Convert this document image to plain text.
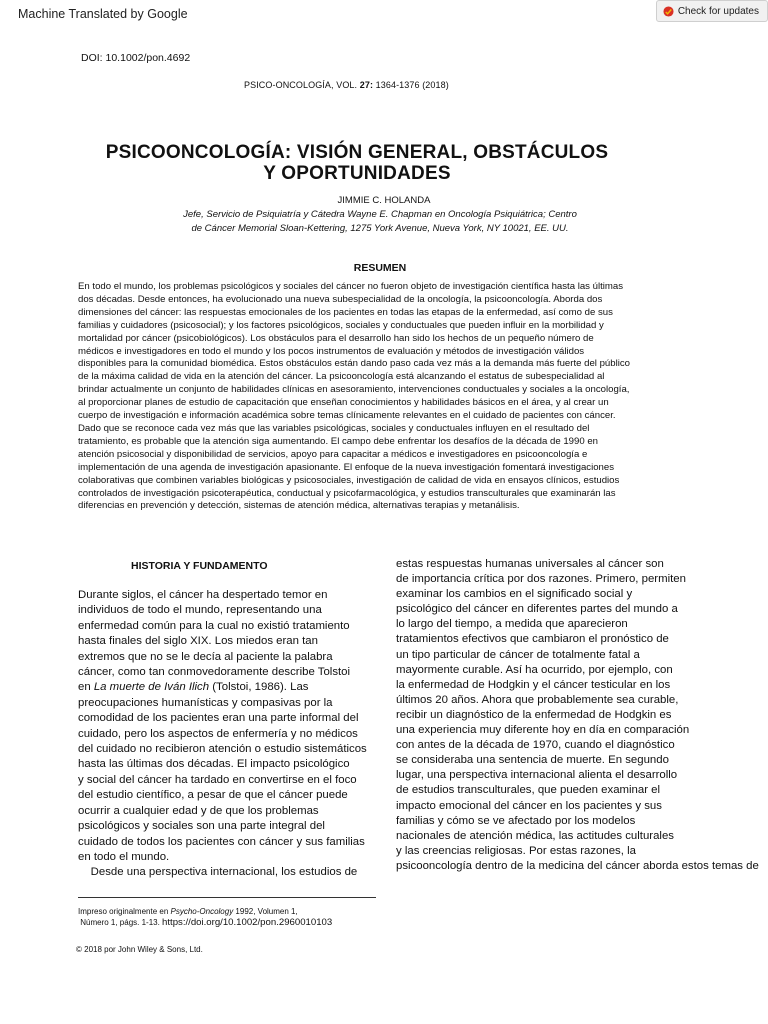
Machine Translated by Google	Check for updates
DOI: 10.1002/pon.4692
PSICO-ONCOLOGÍA, VOL. 27: 1364-1376 (2018)
PSICOONCOLOGÍA: VISIÓN GENERAL, OBSTÁCULOS
Y OPORTUNIDADES
JIMMIE C. HOLANDA
Jefe, Servicio de Psiquiatría y Cátedra Wayne E. Chapman en Oncología Psiquiátrica; Centro
de Cáncer Memorial Sloan-Kettering, 1275 York Avenue, Nueva York, NY 10021, EE. UU.
RESUMEN
En todo el mundo, los problemas psicológicos y sociales del cáncer no fueron objeto de investigación científica hasta las últimas
dos décadas. Desde entonces, ha evolucionado una nueva subespecialidad de la oncología, la psicooncología. Aborda dos
dimensiones del cáncer: las respuestas emocionales de los pacientes en todas las etapas de la enfermedad, así como de sus
familias y cuidadores (psicosocial); y los factores psicológicos, sociales y conductuales que pueden influir en la morbilidad y
mortalidad por cáncer (psicobiológicos). Los obstáculos para el desarrollo han sido los hechos de un pequeño número de
médicos e investigadores en todo el mundo y los pocos instrumentos de evaluación y métodos de investigación válidos
disponibles para la comunidad biomédica. Estos obstáculos están dando paso cada vez más a la demanda más fuerte del público
de la máxima calidad de vida en la atención del cáncer. La psicooncología está alcanzando el estatus de subespecialidad al
brindar actualmente un conjunto de habilidades clínicas en asesoramiento, intervenciones conductuales y sociales a la oncología,
al proporcionar planes de estudio de capacitación que enseñan conocimientos y habilidades básicos en el área, y al crear un
cuerpo de investigación e información académica sobre temas clínicamente relevantes en el cuidado de pacientes con cáncer.
Dado que se reconoce cada vez más que las variables psicológicas, sociales y conductuales influyen en el resultado del
tratamiento, es probable que la atención siga aumentando. El campo debe enfrentar los desafíos de la década de 1990 en
atención psicosocial y disponibilidad de servicios, apoyo para capacitar a médicos e investigadores en psicooncología e
implementación de una agenda de investigación apasionante. El enfoque de la nueva investigación fomentará investigaciones
colaborativas que combinen variables biológicas y psicosociales, investigación de calidad de vida en ensayos clínicos, estudios
controlados de investigación psicoterapéutica, conductual y psicofarmacológica, y estudios transculturales que examinarán las
diferencias en prevención y detección, sistemas de atención médica, alternativas terapias y metanálisis.
HISTORIA Y FUNDAMENTO
Durante siglos, el cáncer ha despertado temor en
individuos de todo el mundo, representando una
enfermedad común para la cual no existió tratamiento
hasta finales del siglo XIX. Los miedos eran tan
extremos que no se le decía al paciente la palabra
cáncer, como tan conmovedoramente describe Tolstoi
en La muerte de Iván Ilich (Tolstoi, 1986). Las
preocupaciones humanísticas y compasivas por la
comodidad de los pacientes eran una parte informal del
cuidado, pero los aspectos de enfermería y no médicos
del cuidado no recibieron atención o estudio sistemáticos
hasta las últimas dos décadas. El impacto psicológico
y social del cáncer ha tardado en convertirse en el foco
del estudio científico, a pesar de que el cáncer puede
ocurrir a cualquier edad y de que los problemas
psicológicos y sociales son una parte integral del
cuidado de todos los pacientes con cáncer y sus familias
en todo el mundo.
Desde una perspectiva internacional, los estudios de
estas respuestas humanas universales al cáncer son
de importancia crítica por dos razones. Primero, permiten
examinar los cambios en el significado social y
psicológico del cáncer en diferentes partes del mundo a
lo largo del tiempo, a medida que aparecieron
tratamientos efectivos que cambiaron el pronóstico de
un tipo particular de cáncer de totalmente fatal a
mayormente curable. Así ha ocurrido, por ejemplo, con
la enfermedad de Hodgkin y el cáncer testicular en los
últimos 20 años. Ahora que probablemente sea curable,
recibir un diagnóstico de la enfermedad de Hodgkin es
una experiencia muy diferente hoy en día en comparación
con antes de la década de 1970, cuando el diagnóstico
se consideraba una sentencia de muerte. En segundo
lugar, una perspectiva internacional alienta el desarrollo
de estudios transculturales, que pueden examinar el
impacto emocional del cáncer en los pacientes y sus
familias y cómo se ve afectado por los modelos
nacionales de atención médica, las actitudes culturales
y las creencias religiosas. Por estas razones, la
psicooncología dentro de la medicina del cáncer aborda estos temas de
Impreso originalmente en Psycho-Oncology 1992, Volumen 1,
Número 1, págs. 1-13. https://doi.org/10.1002/pon.2960010103
© 2018 por John Wiley & Sons, Ltd.
